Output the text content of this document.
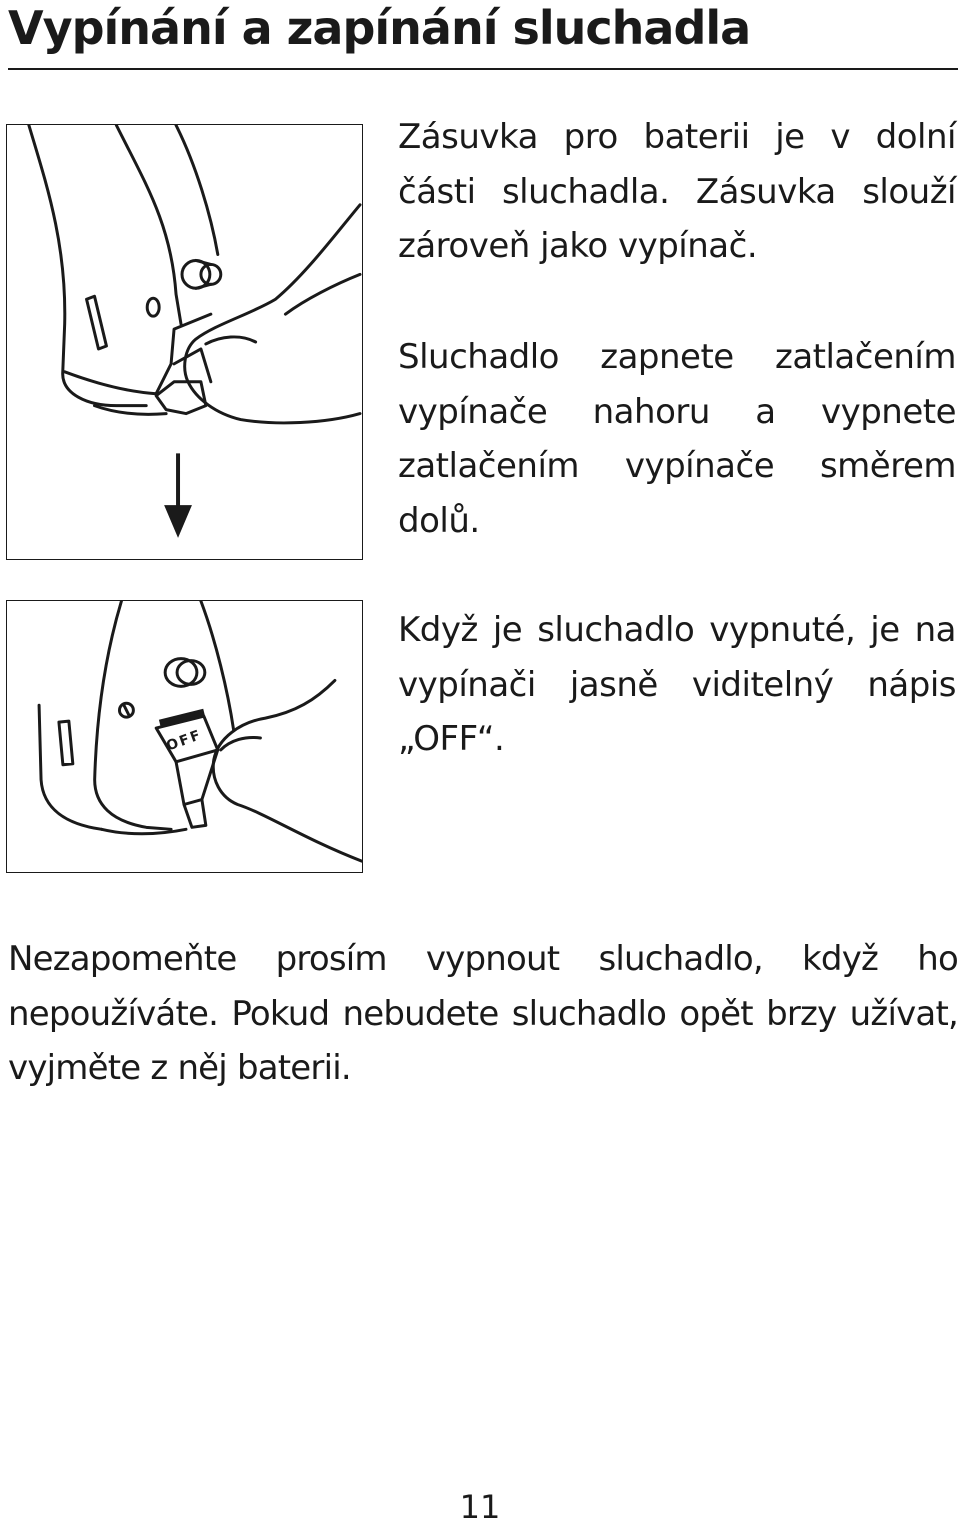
Vypínání a zapínání sluchadla
OFF

Zásuvka pro baterii je v dolní části sluchadla. Zásuvka slouží zároveň jako vypínač.

Sluchadlo zapnete zatlačením vypínače nahoru a vypnete zatlačením vypínače směrem dolů.

Když je sluchadlo vypnuté, je na vypínači jasně viditelný nápis „OFF“.

Nezapomeňte prosím vypnout sluchadlo, když ho nepoužíváte. Pokud nebudete sluchadlo opět brzy užívat, vyjměte z něj baterii.

11
